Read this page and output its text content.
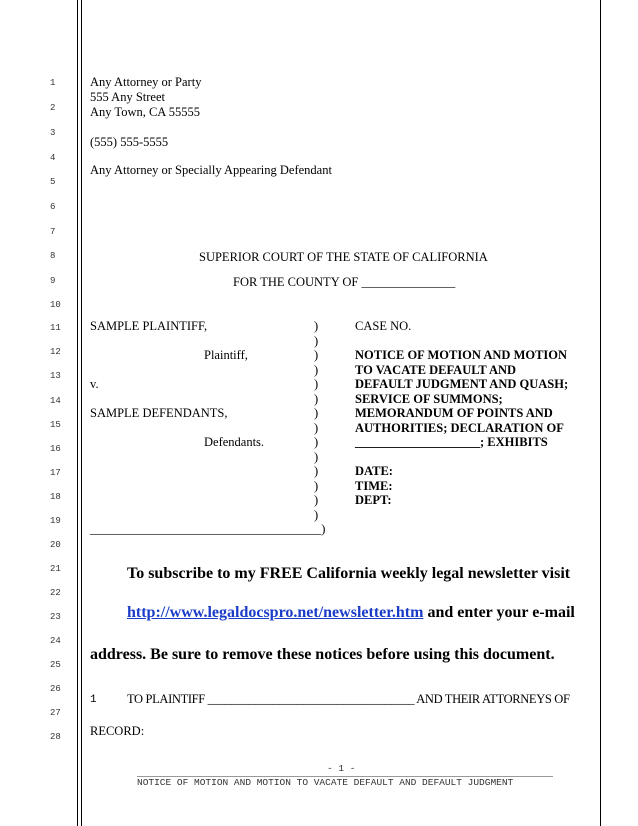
1
2
3
4
5
6
7
8
9
10
11
12
13
14
15
16
17
18
19
20
21
22
23
24
25
26
27
28
Any Attorney or Party
555 Any Street
Any Town, CA 55555
(555) 555-5555
Any Attorney or Specially Appearing Defendant
SUPERIOR COURT OF THE STATE OF CALIFORNIA
FOR THE COUNTY OF _______________
SAMPLE PLAINTIFF,
Plaintiff,
v.
SAMPLE DEFENDANTS,
Defendants.
_____________________________________)
)
)
)
)
)
)
)
)
)
)
)
)
)
)
CASE NO.
NOTICE OF MOTION AND MOTION
TO VACATE DEFAULT AND
DEFAULT JUDGMENT AND QUASH;
SERVICE OF SUMMONS;
MEMORANDUM OF POINTS AND
AUTHORITIES; DECLARATION OF
____________________; EXHIBITS
DATE:
TIME:
DEPT:
To subscribe to my FREE California weekly legal newsletter visit
http://www.legaldocspro.net/newsletter.htm and enter your e-mail
address. Be sure to remove these notices before using this document.
1 TO PLAINTIFF ___________________________________ AND THEIR ATTORNEYS OF
RECORD:
- 1 -
NOTICE OF MOTION AND MOTION TO VACATE DEFAULT AND DEFAULT JUDGMENT
